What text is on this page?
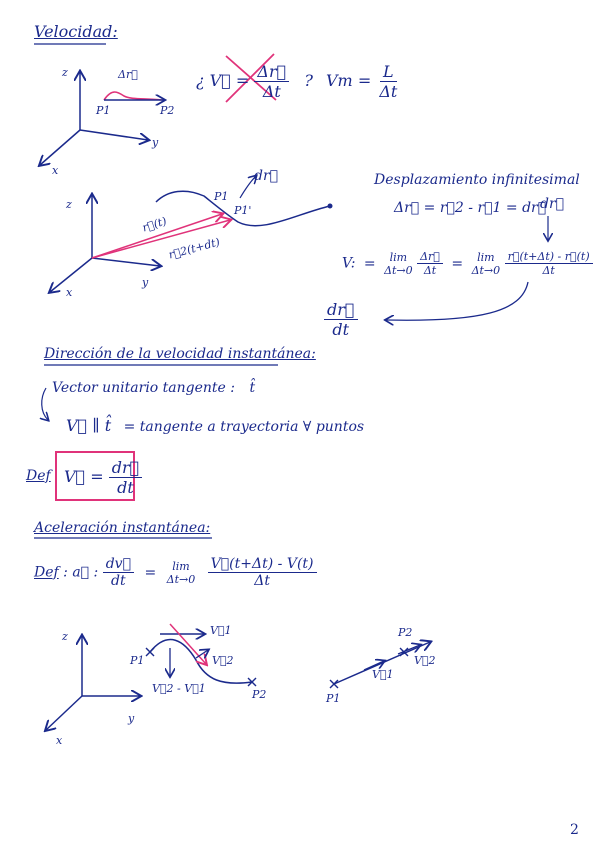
Velocidad:
z
y
x
Δr⃗
P1	P2
¿ V⃗ = $\frac{\Delta r⃗}{\Delta t}$ ? $Vm = \frac{L}{\Delta t}$
z
x
y
dr⃗
P1
P1'
r⃗(t)
r⃗2(t+dt)
Desplazamiento infinitesimal
Δr⃗ = r⃗2 - r⃗1 = dr⃗
dr⃗
V: = lim
Δt→0
$\frac{\Delta r⃗}{\Delta t} = \lim$
Δt→0
$\frac{r⃗(t+\Delta t) - r⃗(t)}{\Delta t}$
$\frac{dr⃗}{dt}$
Dirección de la velocidad instantánea:
Vector unitario tangente : t̂
V⃗ ∥ t̂ = tangente a trayectoria ∀ puntos
Def V⃗ = $\frac{dr⃗}{dt}$
Aceleración instantánea:
Def : a⃗ : $\frac{dv⃗}{dt} = \lim$
Δt→0
$\frac{V⃗(t+\Delta t) - V(t)}{\Delta t}$
z
y
x
P1
P2
V⃗1
V⃗2
V⃗2 - V⃗1
P1
P2
V⃗1
V⃗2
2
